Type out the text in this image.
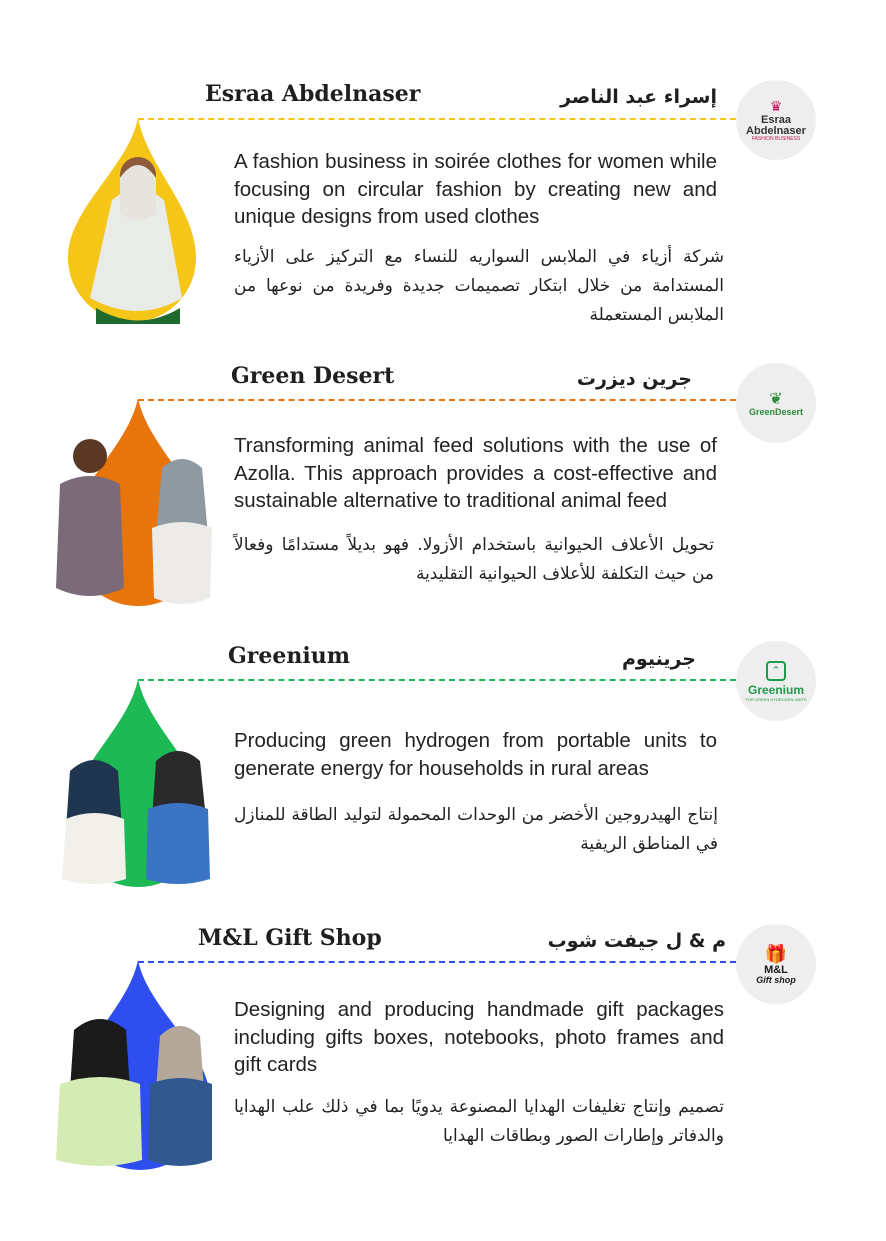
Esraa Abdelnaser	إسراء عبد الناصر	♛
Esraa
Abdelnaser
FASHION BUSINESS
A fashion business in soirée clothes for women while focusing on circular fashion by creating new and unique designs from used clothes
شركة أزياء في الملابس السواريه للنساء مع التركيز على الأزياء المستدامة من خلال ابتكار تصميمات جديدة وفريدة من نوعها من الملابس المستعملة
Green Desert	جرين ديزرت
❦
GreenDesert
Transforming animal feed solutions with the use of Azolla. This approach provides a cost-effective and sustainable alternative to traditional animal feed
تحويل الأعلاف الحيوانية باستخدام الأزولا. فهو بديلاً مستدامًا وفعالاً من حيث التكلفة للأعلاف الحيوانية التقليدية
Greenium	جرينيوم	⌃
Greenium
FOR GREEN HYDROGEN UNITS
Producing green hydrogen from portable units to generate energy for households in rural areas
إنتاج الهيدروجين الأخضر من الوحدات المحمولة لتوليد الطاقة للمنازل في المناطق الريفية
M&L Gift Shop	م & ل جيفت شوب
🎁
M&L
Gift shop
Designing and producing handmade gift packages including gifts boxes, notebooks, photo frames and gift cards
تصميم وإنتاج تغليفات الهدايا المصنوعة يدويًا بما في ذلك علب الهدايا والدفاتر وإطارات الصور وبطاقات الهدايا
